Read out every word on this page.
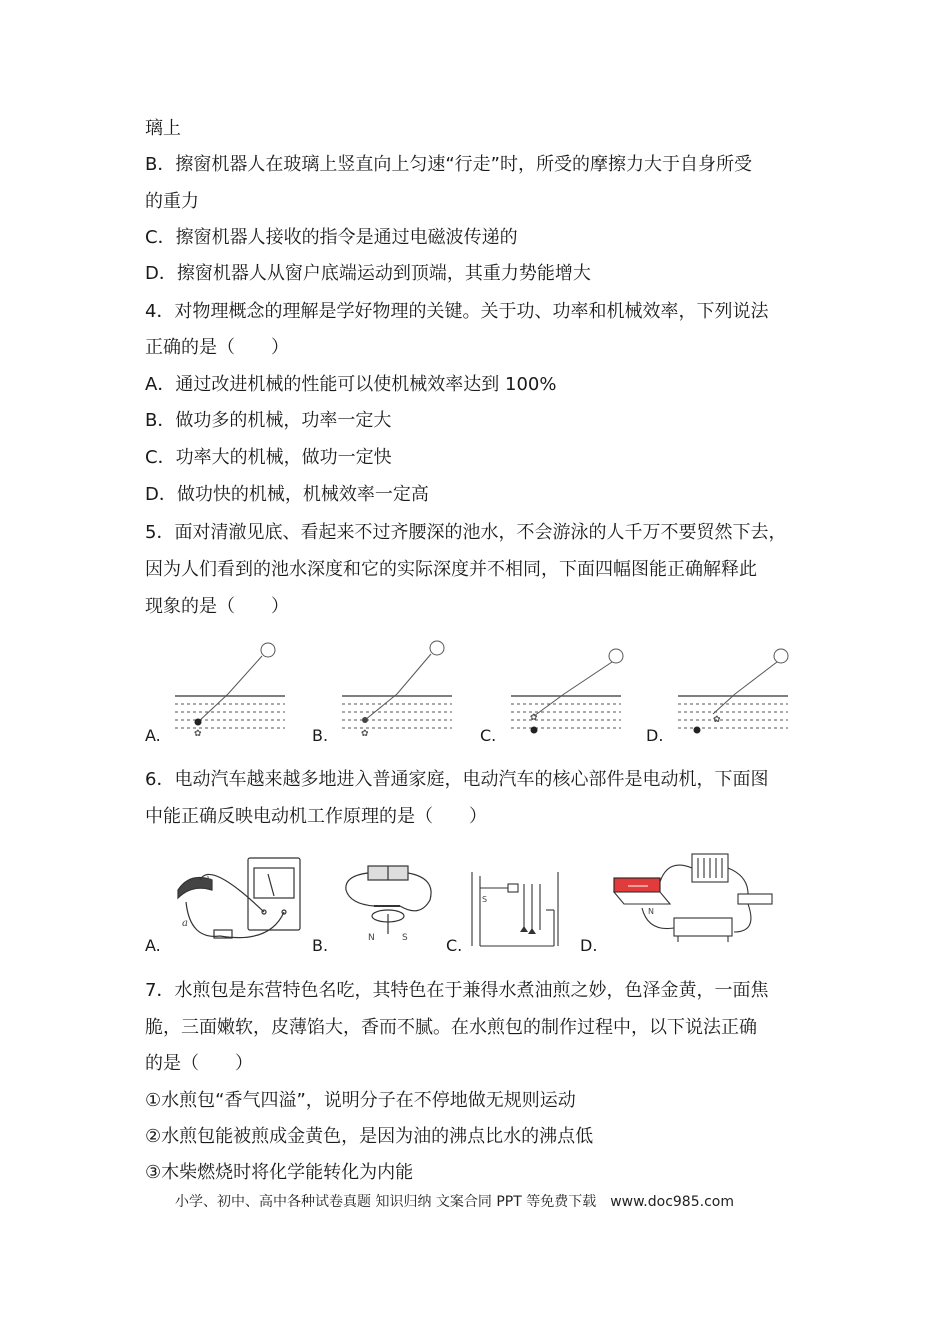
璃上
B．擦窗机器人在玻璃上竖直向上匀速“行走”时，所受的摩擦力大于自身所受
的重力
C．擦窗机器人接收的指令是通过电磁波传递的
D．擦窗机器人从窗户底端运动到顶端，其重力势能增大
4．对物理概念的理解是学好物理的关键。关于功、功率和机械效率，下列说法
正确的是（　　）
A．通过改进机械的性能可以使机械效率达到 100%
B．做功多的机械，功率一定大
C．功率大的机械，做功一定快
D．做功快的机械，机械效率一定高
5．面对清澈见底、看起来不过齐腰深的池水，不会游泳的人千万不要贸然下去，
因为人们看到的池水深度和它的实际深度并不相同，下面四幅图能正确解释此
现象的是（　　）
6．电动汽车越来越多地进入普通家庭，电动汽车的核心部件是电动机，下面图
中能正确反映电动机工作原理的是（　　）
7．水煎包是东营特色名吃，其特色在于兼得水煮油煎之妙，色泽金黄，一面焦
脆，三面嫩软，皮薄馅大，香而不腻。在水煎包的制作过程中，以下说法正确
的是（　　）
①水煎包“香气四溢”，说明分子在不停地做无规则运动
②水煎包能被煎成金黄色，是因为油的沸点比水的沸点低
③木柴燃烧时将化学能转化为内能
A.	B.	C.	D.
✿	✿
✿	✿
A.	B.	C.	D.
b
a
N	S
S
N
小学、初中、高中各种试卷真题 知识归纳 文案合同 PPT 等免费下载　www.doc985.com
